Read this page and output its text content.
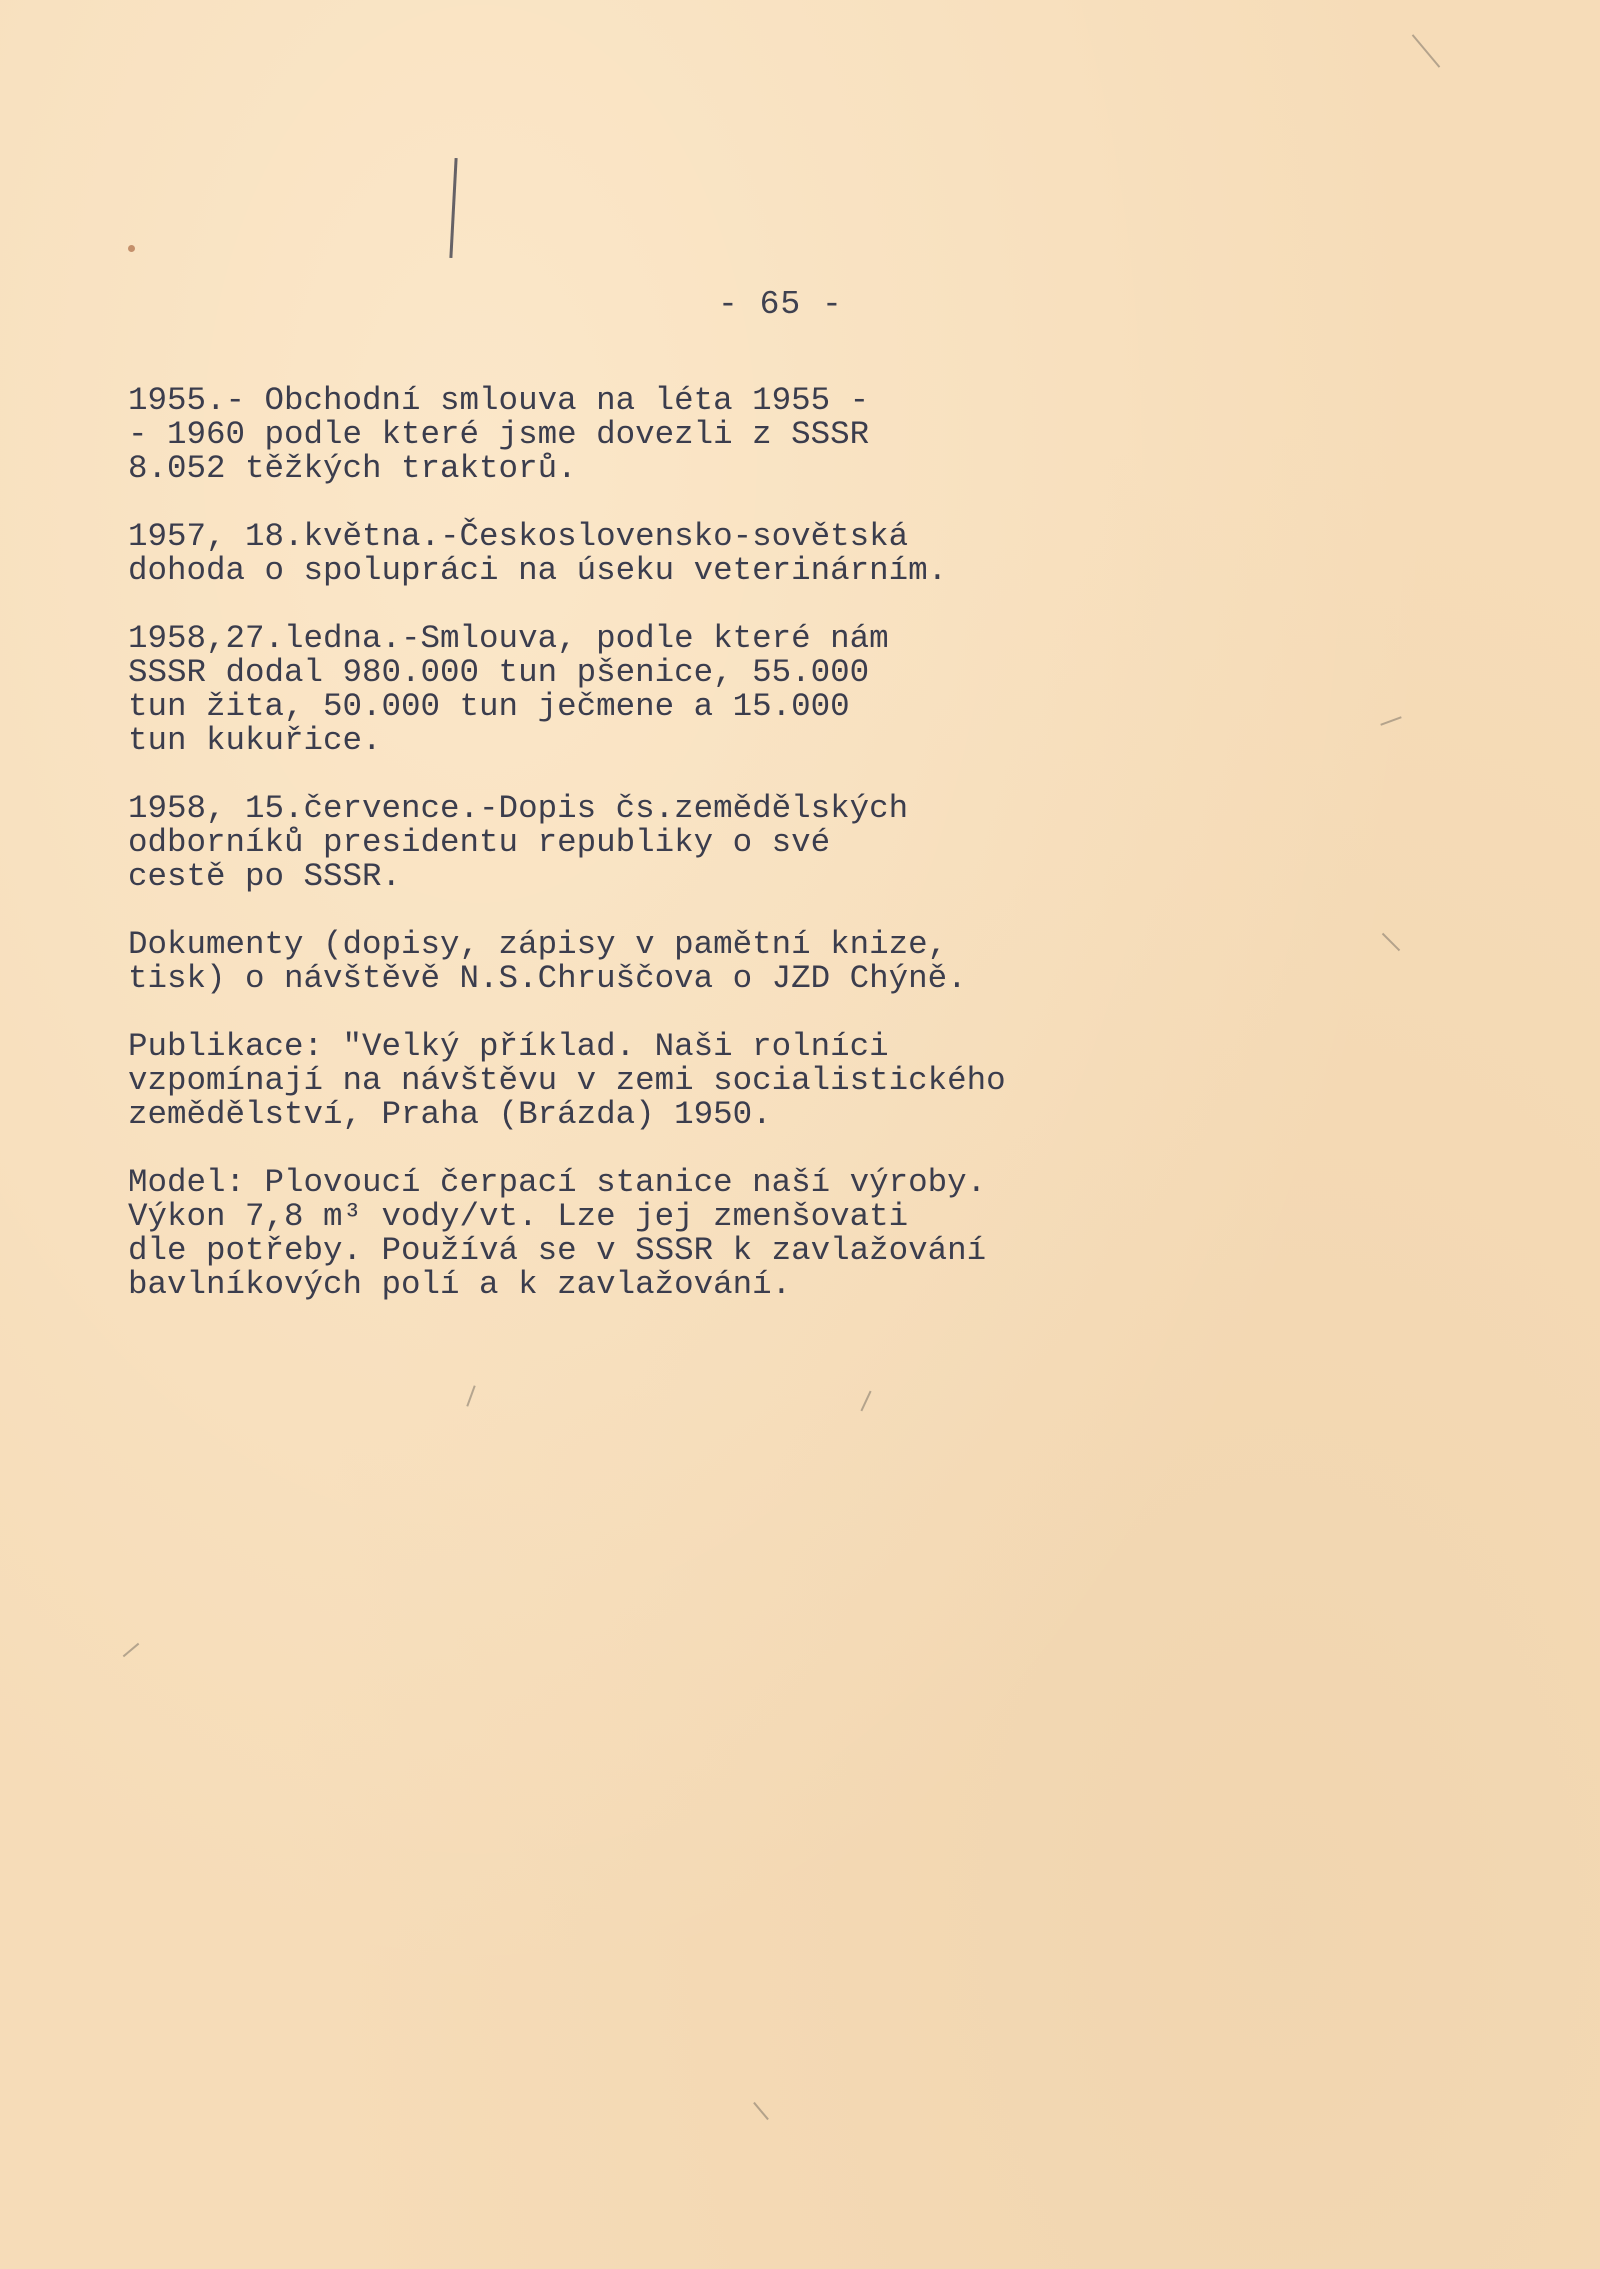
- 65 -
1955.- Obchodní smlouva na léta 1955 -
- 1960 podle které jsme dovezli z SSSR
8.052 těžkých traktorů.
1957, 18.května.-Československo-sovětská
dohoda o spolupráci na úseku veterinárním.
1958,27.ledna.-Smlouva, podle které nám
SSSR dodal 980.000 tun pšenice, 55.000
tun žita, 50.000 tun ječmene a 15.000
tun kukuřice.
1958, 15.července.-Dopis čs.zemědělských
odborníků presidentu republiky o své
cestě po SSSR.
Dokumenty (dopisy, zápisy v pamětní knize,
tisk) o návštěvě N.S.Chruščova o JZD Chýně.
Publikace: "Velký příklad. Naši rolníci
vzpomínají na návštěvu v zemi socialistického
zemědělství, Praha (Brázda) 1950.
Model: Plovoucí čerpací stanice naší výroby.
Výkon 7,8 m³ vody/vt. Lze jej zmenšovati
dle potřeby. Používá se v SSSR k zavlažování
bavlníkových polí a k zavlažování.
